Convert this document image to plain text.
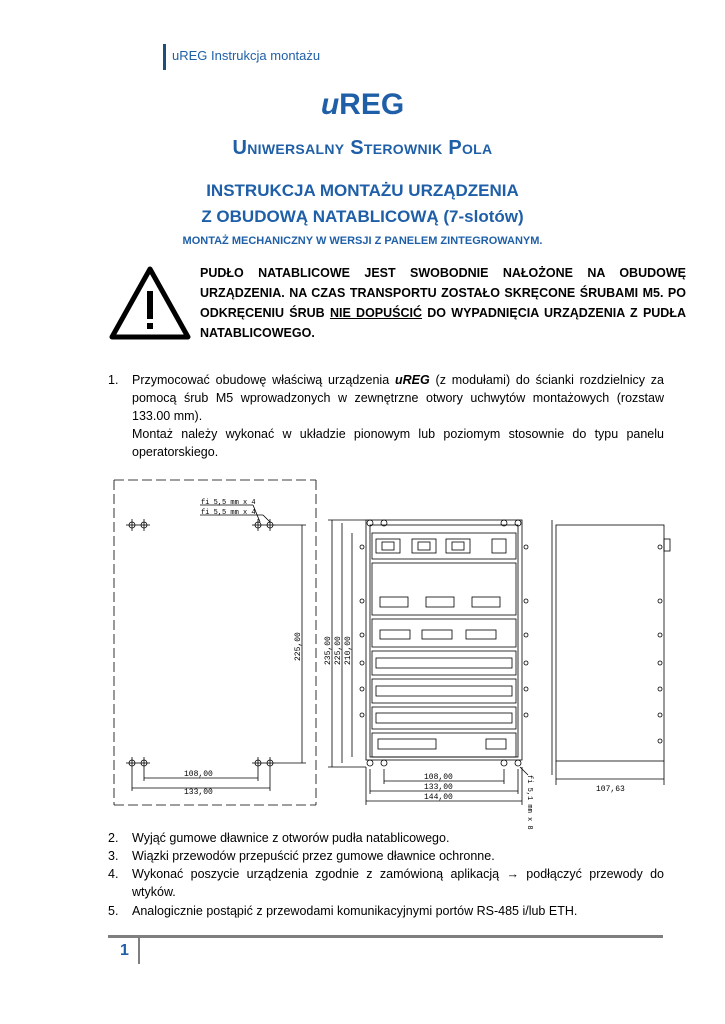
uREG Instrukcja montażu
uREG
Uniwersalny Sterownik Pola
INSTRUKCJA MONTAŻU URZĄDZENIA
Z OBUDOWĄ NATABLICOWĄ (7-slotów)
MONTAŻ MECHANICZNY W WERSJI Z PANELEM ZINTEGROWANYM.
PUDŁO NATABLICOWE JEST SWOBODNIE NAŁOŻONE NA OBUDOWĘ URZĄDZENIA. NA CZAS TRANSPORTU ZOSTAŁO SKRĘCONE ŚRUBAMI M5. PO ODKRĘCENIU ŚRUB NIE DOPUŚCIĆ DO WYPADNIĘCIA URZĄDZENIA Z PUDŁA NATABLICOWEGO.
1. Przymocować obudowę właściwą urządzenia uREG (z modułami) do ścianki rozdzielnicy za pomocą śrub M5 wprowadzonych w zewnętrzne otwory uchwytów montażowych (rozstaw 133.00 mm).
Montaż należy wykonać w układzie pionowym lub poziomym stosownie do typu panelu operatorskiego.
fi 5,5 mm x 4
fi 5,5 mm x 4
225,00
108,00
133,00
235,00 225,00 210,00
108,00
133,00
144,00	fi 5,1 mm x 8	107,63
2. Wyjąć gumowe dławnice z otworów pudła natablicowego.
3. Wiązki przewodów przepuścić przez gumowe dławnice ochronne.
4. Wykonać poszycie urządzenia zgodnie z zamówioną aplikacją → podłączyć przewody do wtyków.
5. Analogicznie postąpić z przewodami komunikacyjnymi portów RS-485 i/lub ETH.
1
